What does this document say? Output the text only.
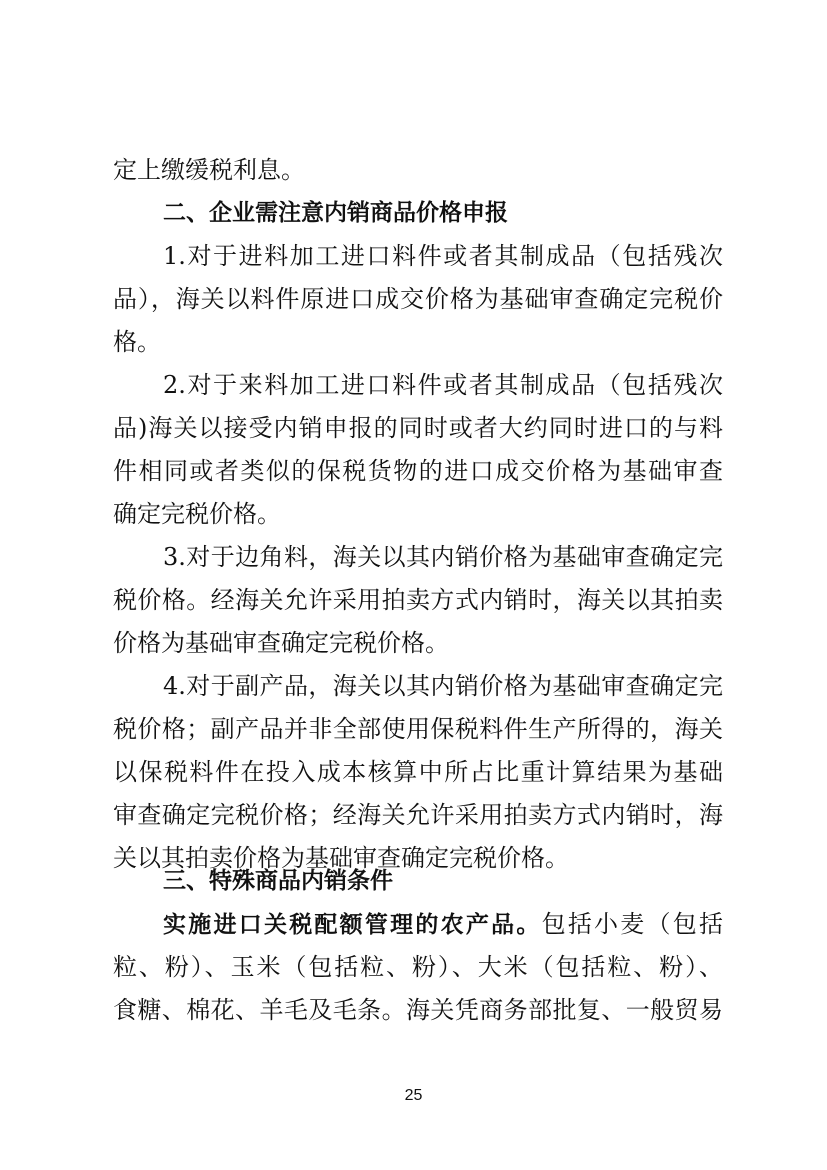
定上缴缓税利息。
二、企业需注意内销商品价格申报
1.对于进料加工进口料件或者其制成品（包括残次
品），海关以料件原进口成交价格为基础审查确定完税价
格。
2.对于来料加工进口料件或者其制成品（包括残次
品)海关以接受内销申报的同时或者大约同时进口的与料
件相同或者类似的保税货物的进口成交价格为基础审查
确定完税价格。
3.对于边角料，海关以其内销价格为基础审查确定完
税价格。经海关允许采用拍卖方式内销时，海关以其拍卖
价格为基础审查确定完税价格。
4.对于副产品，海关以其内销价格为基础审查确定完
税价格；副产品并非全部使用保税料件生产所得的，海关
以保税料件在投入成本核算中所占比重计算结果为基础
审查确定完税价格；经海关允许采用拍卖方式内销时，海
关以其拍卖价格为基础审查确定完税价格。
三、特殊商品内销条件
实施进口关税配额管理的农产品。包括小麦（包括
粒、粉）、玉米（包括粒、粉）、大米（包括粒、粉）、
食糖、棉花、羊毛及毛条。海关凭商务部批复、一般贸易
25
